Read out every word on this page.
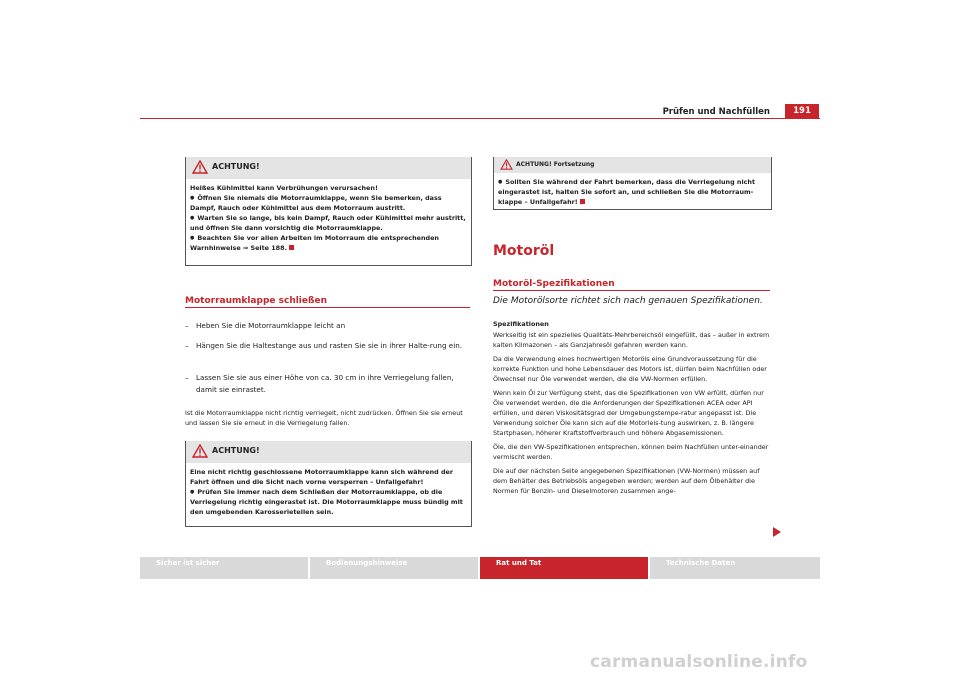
Prüfen und Nachfüllen	191
ACHTUNG!

Heißes Kühlmittel kann Verbrühungen verursachen!

● Öffnen Sie niemals die Motorraumklappe, wenn Sie bemerken, dass Dampf, Rauch oder Kühlmittel aus dem Motorraum austritt.

● Warten Sie so lange, bis kein Dampf, Rauch oder Kühlmittel mehr austritt, und öffnen Sie dann vorsichtig die Motorraumklappe.

● Beachten Sie vor allen Arbeiten im Motorraum die entsprechenden Warnhinweise ⇒ Seite 188.

Motorraumklappe schließen
– Heben Sie die Motorraumklappe leicht an
– Hängen Sie die Haltestange aus und rasten Sie sie in ihrer Halte-rung ein.
– Lassen Sie sie aus einer Höhe von ca. 30 cm in ihre Verriegelung fallen, damit sie einrastet.
Ist die Motorraumklappe nicht richtig verriegelt, nicht zudrücken. Öffnen Sie sie erneut und lassen Sie sie erneut in die Verriegelung fallen.
ACHTUNG!

Eine nicht richtig geschlossene Motorraumklappe kann sich während der Fahrt öffnen und die Sicht nach vorne versperren – Unfallgefahr!

● Prüfen Sie immer nach dem Schließen der Motorraumklappe, ob die Verriegelung richtig eingerastet ist. Die Motorraumklappe muss bündig mit den umgebenden Karosserieteilen sein.

ACHTUNG! Fortsetzung

● Sollten Sie während der Fahrt bemerken, dass die Verriegelung nicht eingerastet ist, halten Sie sofort an, und schließen Sie die Motorraum-klappe – Unfallgefahr!

Motoröl
Motoröl-Spezifikationen
Die Motorölsorte richtet sich nach genauen Spezifikationen.
Spezifikationen

Werkseitig ist ein spezielles Qualitäts-Mehrbereichsöl eingefüllt, das – außer in extrem kalten Klimazonen – als Ganzjahresöl gefahren werden kann.

Da die Verwendung eines hochwertigen Motoröls eine Grundvoraussetzung für die korrekte Funktion und hohe Lebensdauer des Motors ist, dürfen beim Nachfüllen oder Ölwechsel nur Öle verwendet werden, die die VW-Normen erfüllen.

Wenn kein Öl zur Verfügung steht, das die Spezifikationen von VW erfüllt, dürfen nur Öle verwendet werden, die die Anforderungen der Spezifikationen ACEA oder API erfüllen, und deren Viskositätsgrad der Umgebungstempe-ratur angepasst ist. Die Verwendung solcher Öle kann sich auf die Motorleis-tung auswirken, z. B. längere Startphasen, höherer Kraftstoffverbrauch und höhere Abgasemissionen.

Öle, die den VW-Spezifikationen entsprechen, können beim Nachfüllen unter-einander vermischt werden.

Die auf der nächsten Seite angegebenen Spezifikationen (VW-Normen) müssen auf dem Behälter des Betriebsöls angegeben werden; werden auf dem Ölbehälter die Normen für Benzin- und Dieselmotoren zusammen ange-

Sicher ist sicher	Bedienungshinweise	Rat und Tat	Technische Daten
carmanualsonline.info
